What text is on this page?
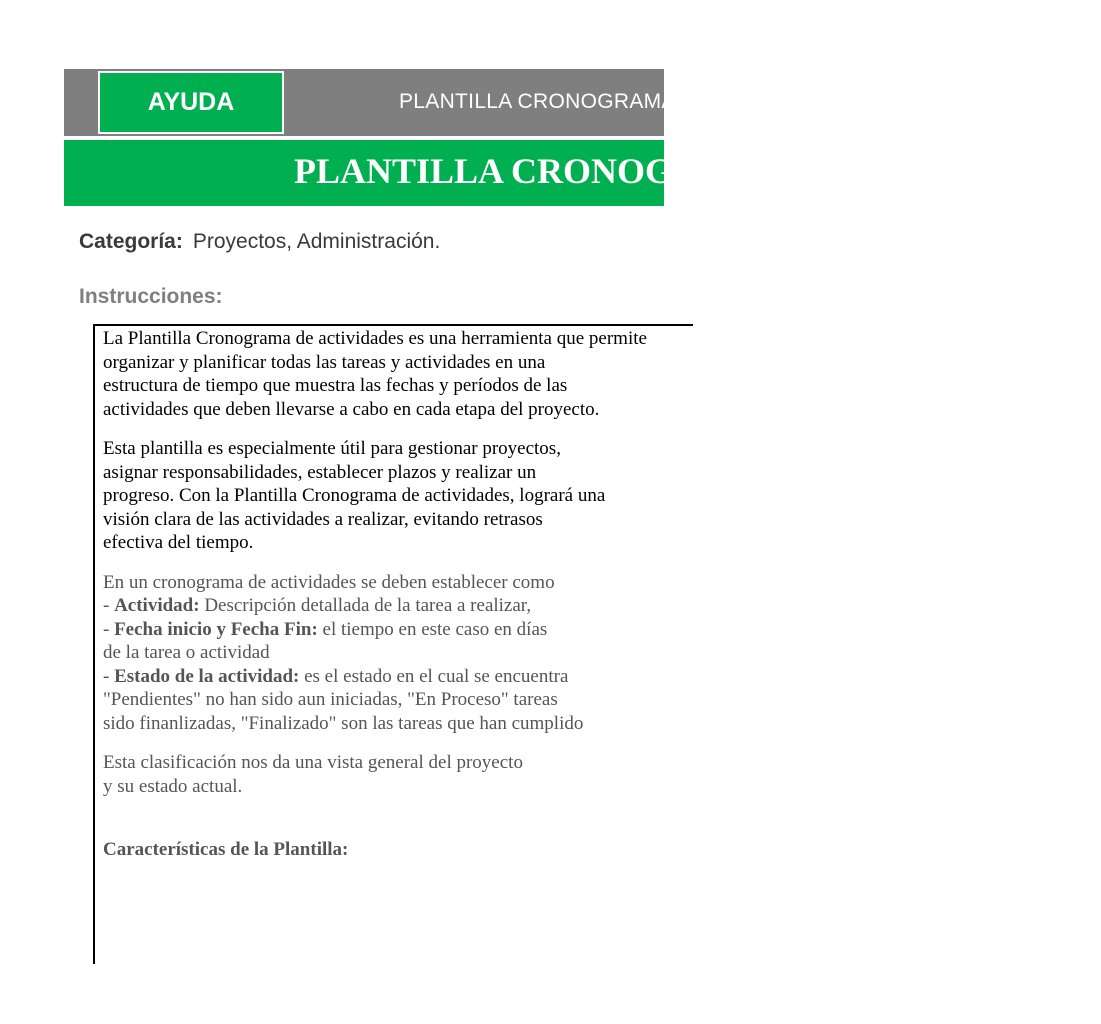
AYUDA	PLANTILLA CRONOGRAMA DE ACTIVIDADES
PLANTILLA CRONOGRAMA DE ACTIVIDADES
Categoría: Proyectos, Administración.
Instrucciones:
La Plantilla Cronograma de actividades es una herramienta que permite
organizar y planificar todas las tareas y actividades en una
estructura de tiempo que muestra las fechas y períodos de las
actividades que deben llevarse a cabo en cada etapa del proyecto.
Esta plantilla es especialmente útil para gestionar proyectos,
asignar responsabilidades, establecer plazos y realizar un
progreso. Con la Plantilla Cronograma de actividades, logrará una
visión clara de las actividades a realizar, evitando retrasos
efectiva del tiempo.
En un cronograma de actividades se deben establecer como
- Actividad: Descripción detallada de la tarea a realizar,
- Fecha inicio y Fecha Fin: el tiempo en este caso en días
de la tarea o actividad
- Estado de la actividad: es el estado en el cual se encuentra
"Pendientes" no han sido aun iniciadas, "En Proceso" tareas
sido finanlizadas, "Finalizado" son las tareas que han cumplido
Esta clasificación nos da una vista general del proyecto
y su estado actual.
Características de la Plantilla:
